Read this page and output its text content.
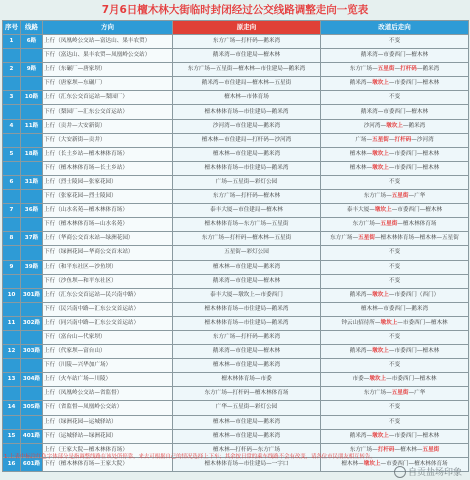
7月6日檀木林大街临时封闭经过公交线路调整走向一览表
序号	线路	方向	原走向	改道后走向
1	6路	上行（凤凰岭公交站—富达山、果丰农贸）	东方广场—打杆码—鹅米湾	不变
		下行（富达山、果丰农贸—凤凰岭公交站）	鹅米湾—市住建局—檀木林	鹅米湾—市委西门—檀木林
2	9路	上行（东碾厂—唐家坝）	东方广场—五星街—檀木林—市住建局—鹅米湾	东方广场—五星街—打杆码—鹅米湾
		下行（唐家坝—东碾厂）	鹅米湾—市住建局—檀木林—五星街	鹅米湾—墩坎上—市委西门—檀木林
3	10路	上行（汇东公交首运站—梨园厂）	檀木林—市体育场	不变
		下行（梨园厂—汇东公交首运站）	檀木林体育场—市住建局—鹅米湾	鹅米湾—市委西门—檀木林
4	11路	上行（贡井—大安新街）	沙河湾—市住建局—鹅米湾	沙河湾—墩坎上—鹅米湾
		下行（大安新街—贡井）	檀木林—市住建局—打杆码—沙河湾	广场—五星街—打杆码—沙河湾
5	18路	上行（长土乡站—檀木林体育场）	檀木林—市住建局—鹅米湾	檀木林—墩坎上—市委西门—檀木林
		下行（檀木林体育场—长土乡站）	檀木林体育场—市住建局—鹅米湾	檀木林—墩坎上—市委西门—檀木林
6	31路	上行（烈士陵园—张家花园）	广场—五星街—彩灯公园	不变
		下行（张家花园—烈士陵园）	东方广场—打杆码—檀木林	东方广场—五星街—广华
7	36路	上行（山水名苑—檀木林体育场）	泰丰大厦—市住建局—檀木林	泰丰大厦—墩坎上—市委西门—檀木林
		下行（檀木林体育场—山水名苑）	檀木林体育场—东方广场—五星街	东方广场—五星街—檀木林体育场
8	37路	上行（华商公交首末站—绿洲花园）	东方广场—打杆码—檀木林—五星街	东方广场—五星街—檀木林体育场—檀木林—五星街
		下行（绿洲花园—华商公交首末站）	五星街—彩灯公园	不变
9	39路	上行（和平东社区—沙鱼坝）	檀木林—市住建局—鹅米湾	不变
		下行（沙鱼坝—和平东社区）	鹅米湾—市住建局—檀木林	不变
10	301路	上行（汇东公交首运站—民兴南中路）	泰丰大厦—墩坎上—市委西门	鹅米湾—墩坎上—市委西门（西门）
		下行（民兴南中路—汇东公交首运站）	檀木林体育场—市住建局—鹅米湾	檀木林—市委西门—鹅米湾
11	302路	上行（同兴南中路—汇东公交首运站）	檀木林体育场—市住建局—鹅米湾	钟云山招待所—墩坎上—市委西门—檀木林
		下行（富台山—代家坝）	东方广场—打杆码—鹅米湾	不变
12	303路	上行（代家坝—富台山）	鹅米湾—市住建局—檀木林	鹅米湾—墩坎上—市委西门—檀木林
		下行（川陵—兴华加广场）	檀木林—市住建局—鹅米湾	不变
13	304路	上行（火车站广场—川陵）	檀木林体育场—市委	市委—墩坎上—市委西门—檀木林
		上行（凤凰岭公交站—省监督）	东方广场—打杆码—檀木林体育场	东方广场—五星街—广华
14	305路	下行（省监督—凤凰岭公交站）	广华—五星街—彩灯公园	不变
		上行（绿洲花园—运城驿站）	檀木林—市住建局—鹅米湾	不变
15	401路	下行（运城驿站—绿洲花园）	檀木林—市住建局—鹅米湾	鹅米湾—墩坎上—市委西门—檀木林
		上行（王家大院—檀木林体育场）	檀木林—打杆码—东方广场	东方广场—打杆码—檀木林—五星街
16	601路	下行（檀木林体育场—王家大院）	檀木林体育场—市住建局—一字口	檀木林—墩坎上—市委西门—檀木林体育场
1.上表中标注红色字体部分是指调整线路在该处所停靠，来去可根据自己的情况选择上下车；其余按日常的乘车线路不会有改变，请各位市民朋友相互转告。
自贡盐场印象
